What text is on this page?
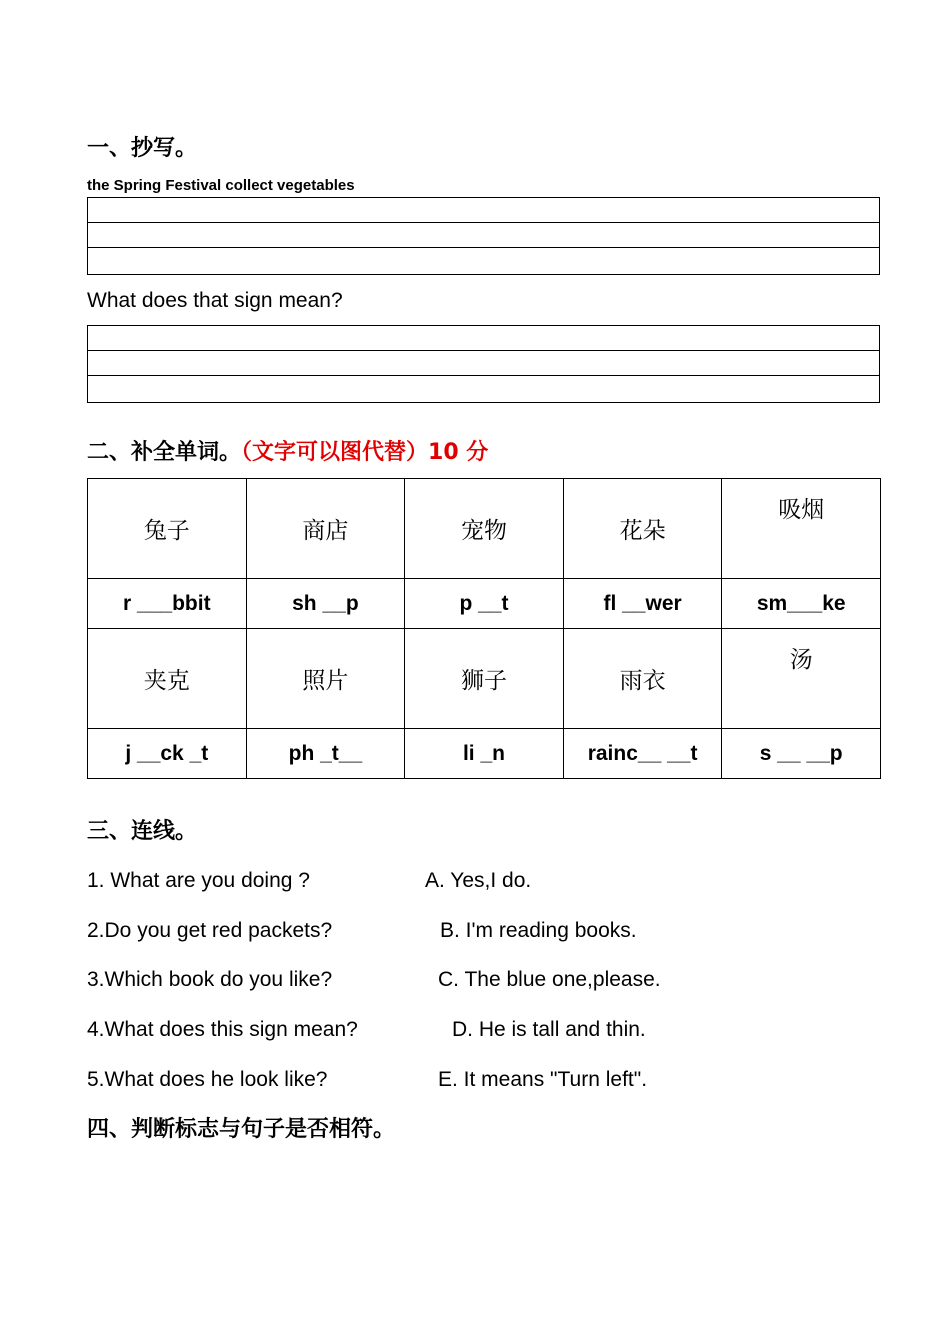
一、抄写。
the Spring Festival collect vegetables
What does that sign mean?
二、补全单词。（文字可以图代替）10 分
兔子	商店	宠物	花朵	吸烟
r ___bbit	sh __p	p __t	fl __wer	sm___ke
夹克	照片	狮子	雨衣	汤
j __ck _t	ph _t__	li _n	rainc__ __t	s __ __p
三、连线。
1. What are you doing ?	A. Yes,I do.
2.Do you get red packets?	B. I'm reading books.
3.Which book do you like?	C. The blue one,please.
4.What does this sign mean?	D. He is tall and thin.
5.What does he look like?	E. It means "Turn left".
四、判断标志与句子是否相符。
